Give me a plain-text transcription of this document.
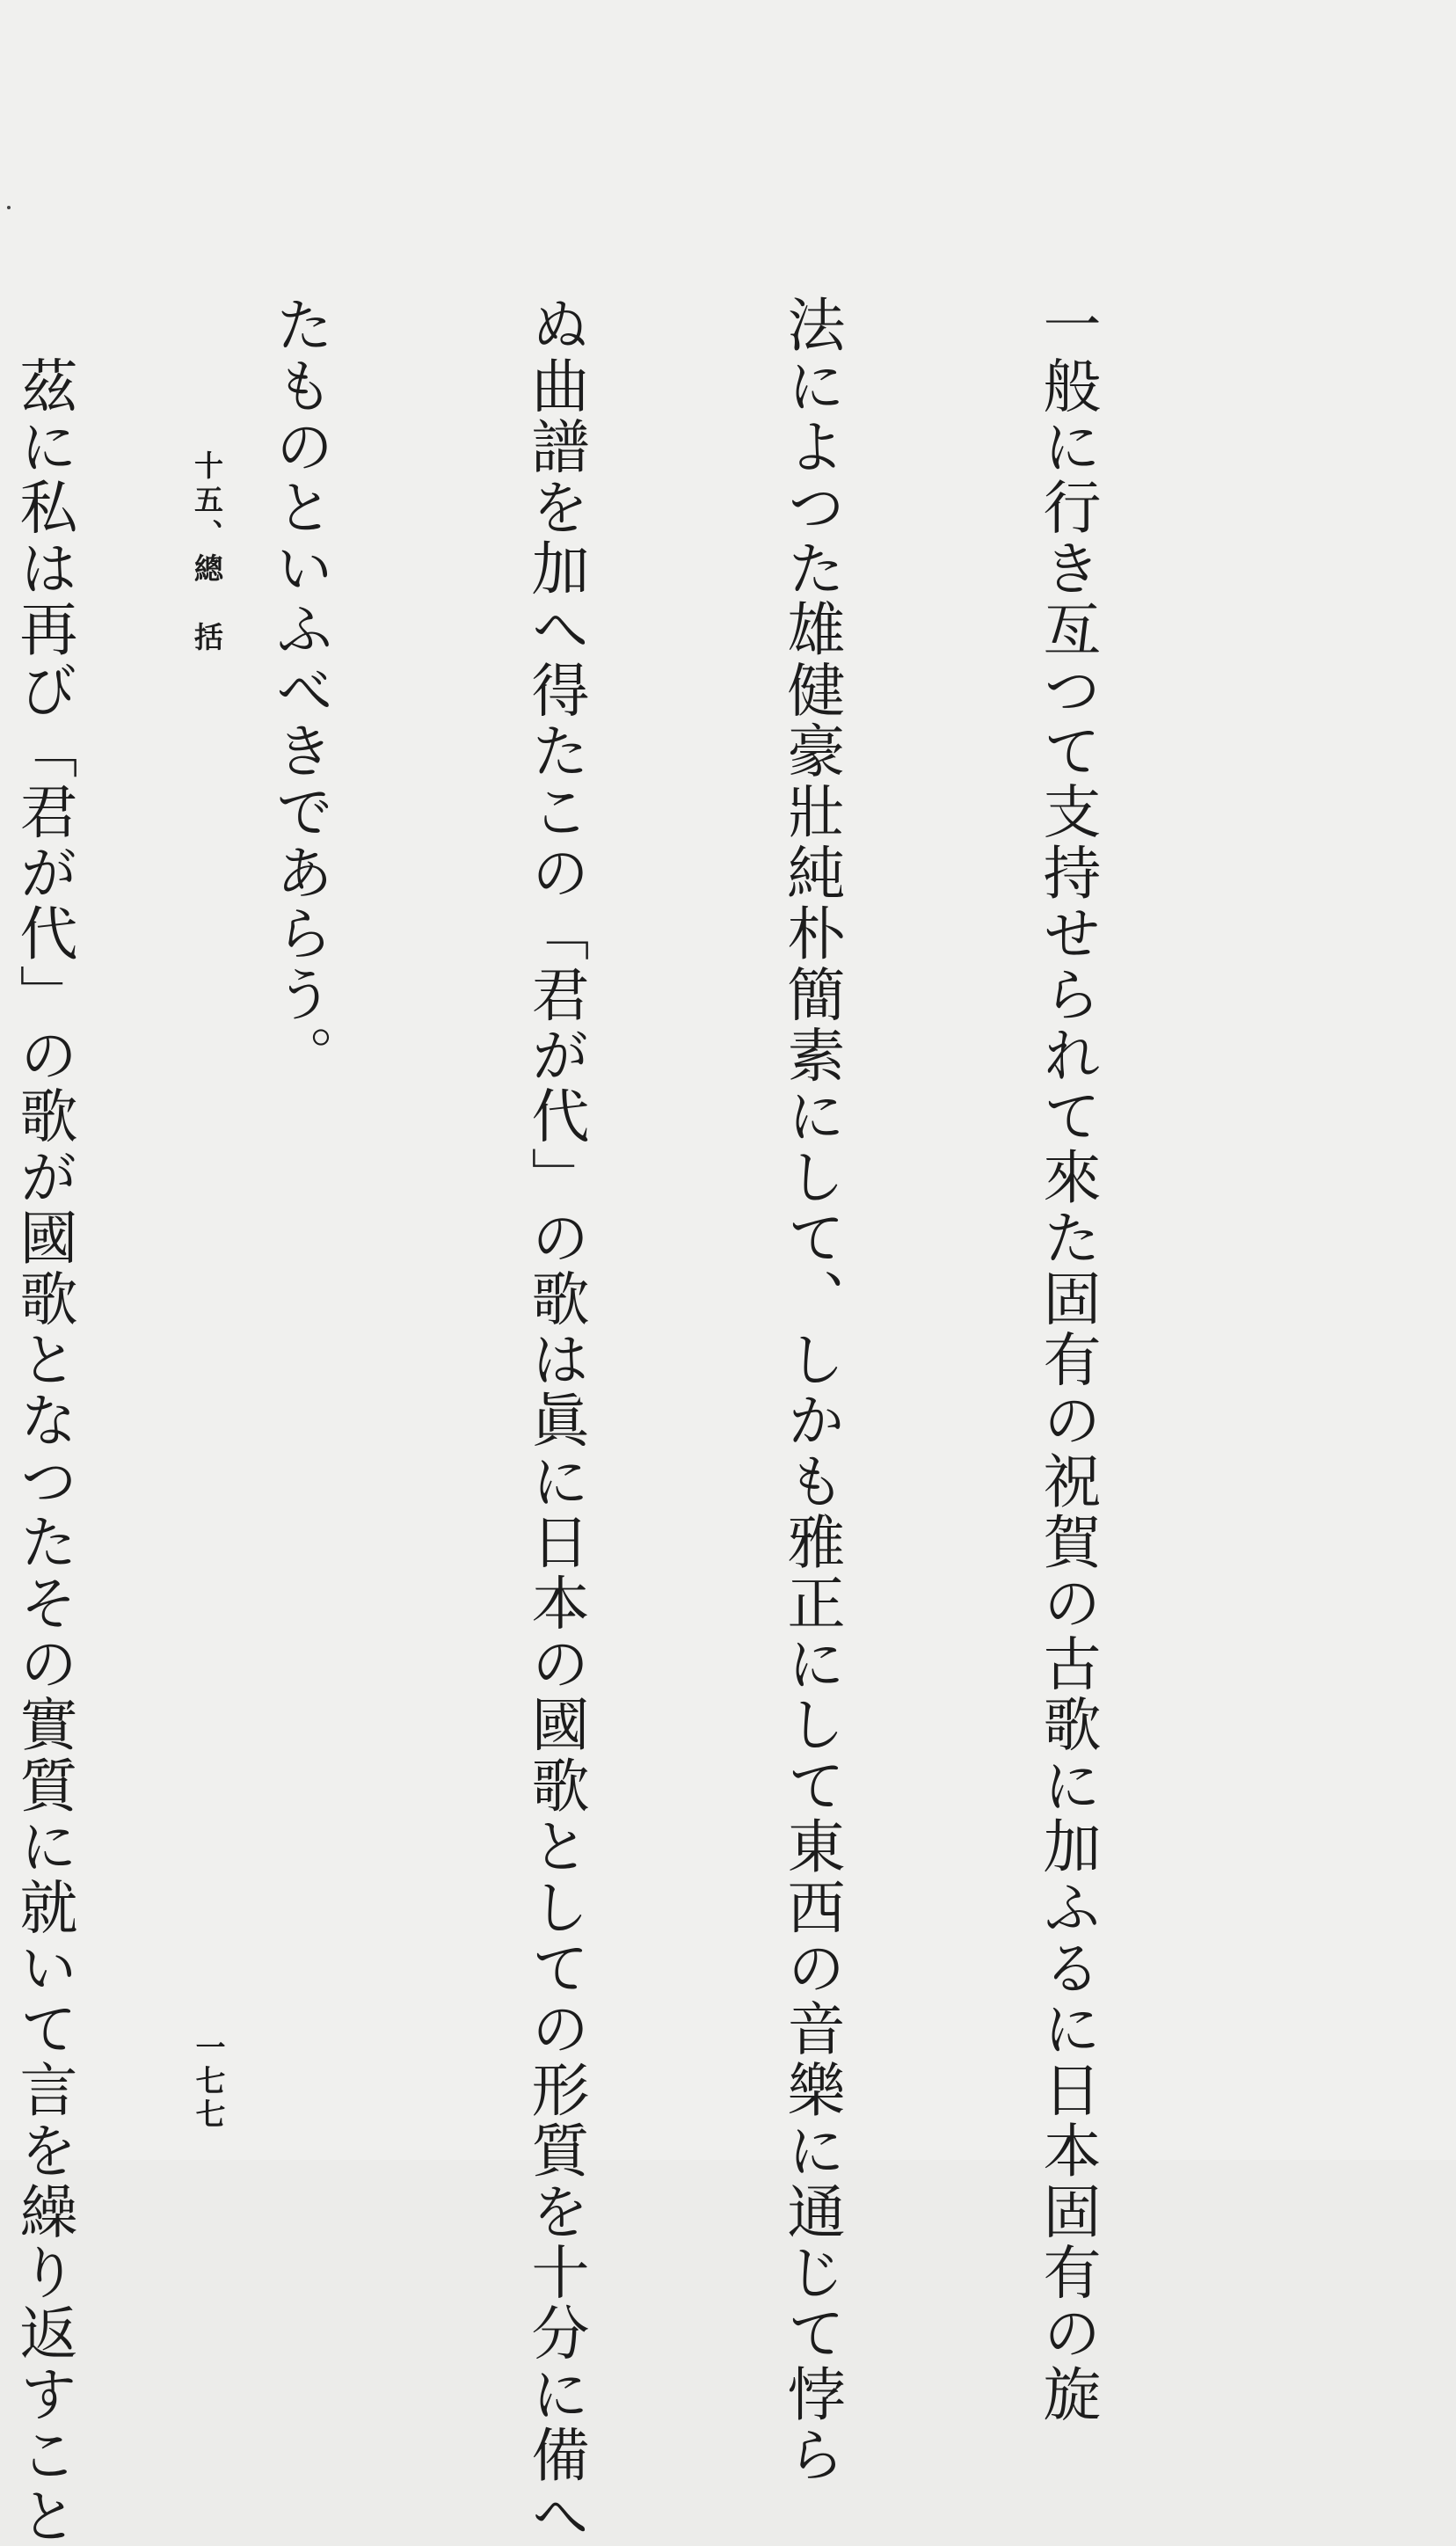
一般に行き亙つて支持せられて來た固有の祝賀の古歌に加ふるに日本固有の旋

法によつた雄健豪壯純朴簡素にして、しかも雅正にして東西の音樂に通じて悖ら

ぬ曲譜を加へ得たこの「君が代」の歌は眞に日本の國歌としての形質を十分に備へ

たものといふべきであらう。

　茲に私は再び「君が代」の歌が國歌となつたその實質に就いて言を繰り返すこと

	十五、總　括
一七七
